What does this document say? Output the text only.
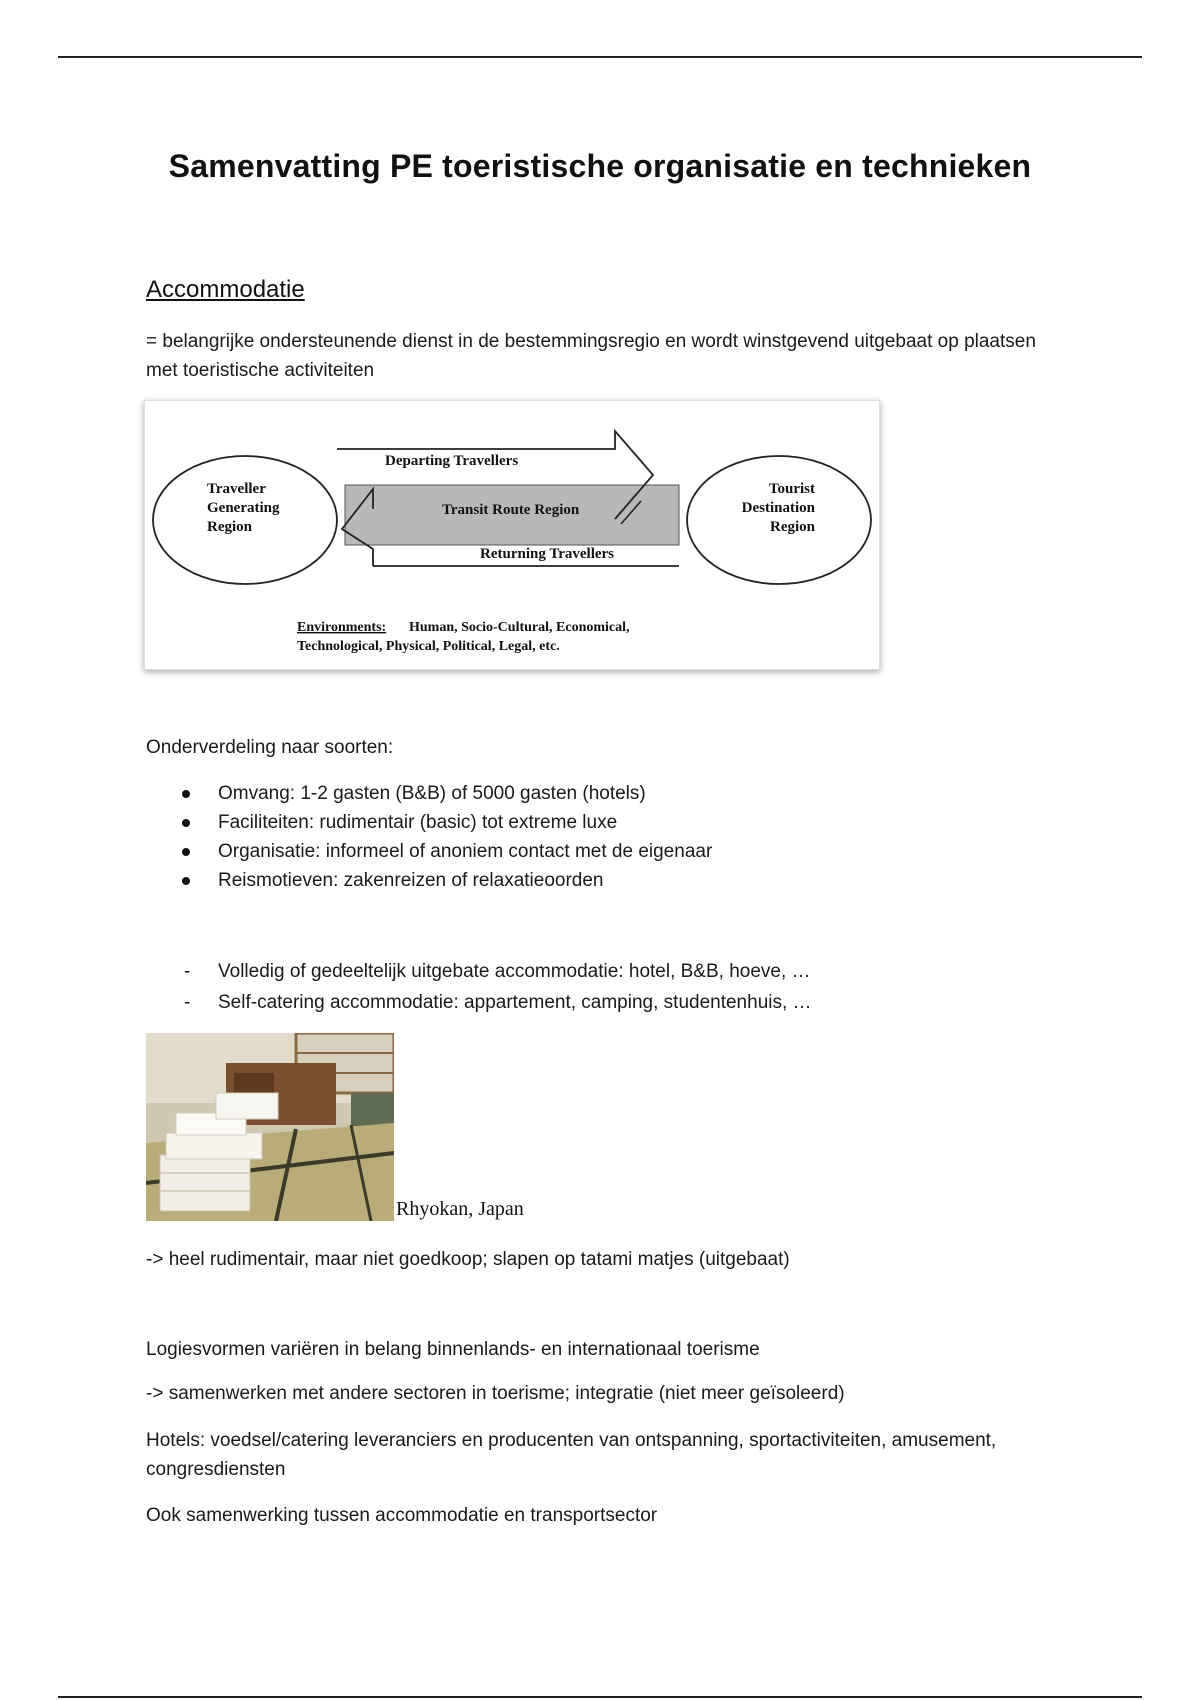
Samenvatting PE toeristische organisatie en technieken
Accommodatie
= belangrijke ondersteunende dienst in de bestemmingsregio en wordt winstgevend uitgebaat op plaatsen met toeristische activiteiten
Departing Travellers
Transit Route Region
Returning Travellers
Traveller
Generating
Region
Tourist
Destination
Region
Environments: Human, Socio-Cultural, Economical,
Technological, Physical, Political, Legal, etc.
Onderverdeling naar soorten:
Omvang: 1-2 gasten (B&B) of 5000 gasten (hotels)
Faciliteiten: rudimentair (basic) tot extreme luxe
Organisatie: informeel of anoniem contact met de eigenaar
Reismotieven: zakenreizen of relaxatieoorden
- Volledig of gedeeltelijk uitgebate accommodatie: hotel, B&B, hoeve, …
- Self-catering accommodatie: appartement, camping, studentenhuis, …
Rhyokan, Japan
-> heel rudimentair, maar niet goedkoop; slapen op tatami matjes (uitgebaat)
Logiesvormen variëren in belang binnenlands- en internationaal toerisme
-> samenwerken met andere sectoren in toerisme; integratie (niet meer geïsoleerd)
Hotels: voedsel/catering leveranciers en producenten van ontspanning, sportactiviteiten, amusement, congresdiensten
Ook samenwerking tussen accommodatie en transportsector
